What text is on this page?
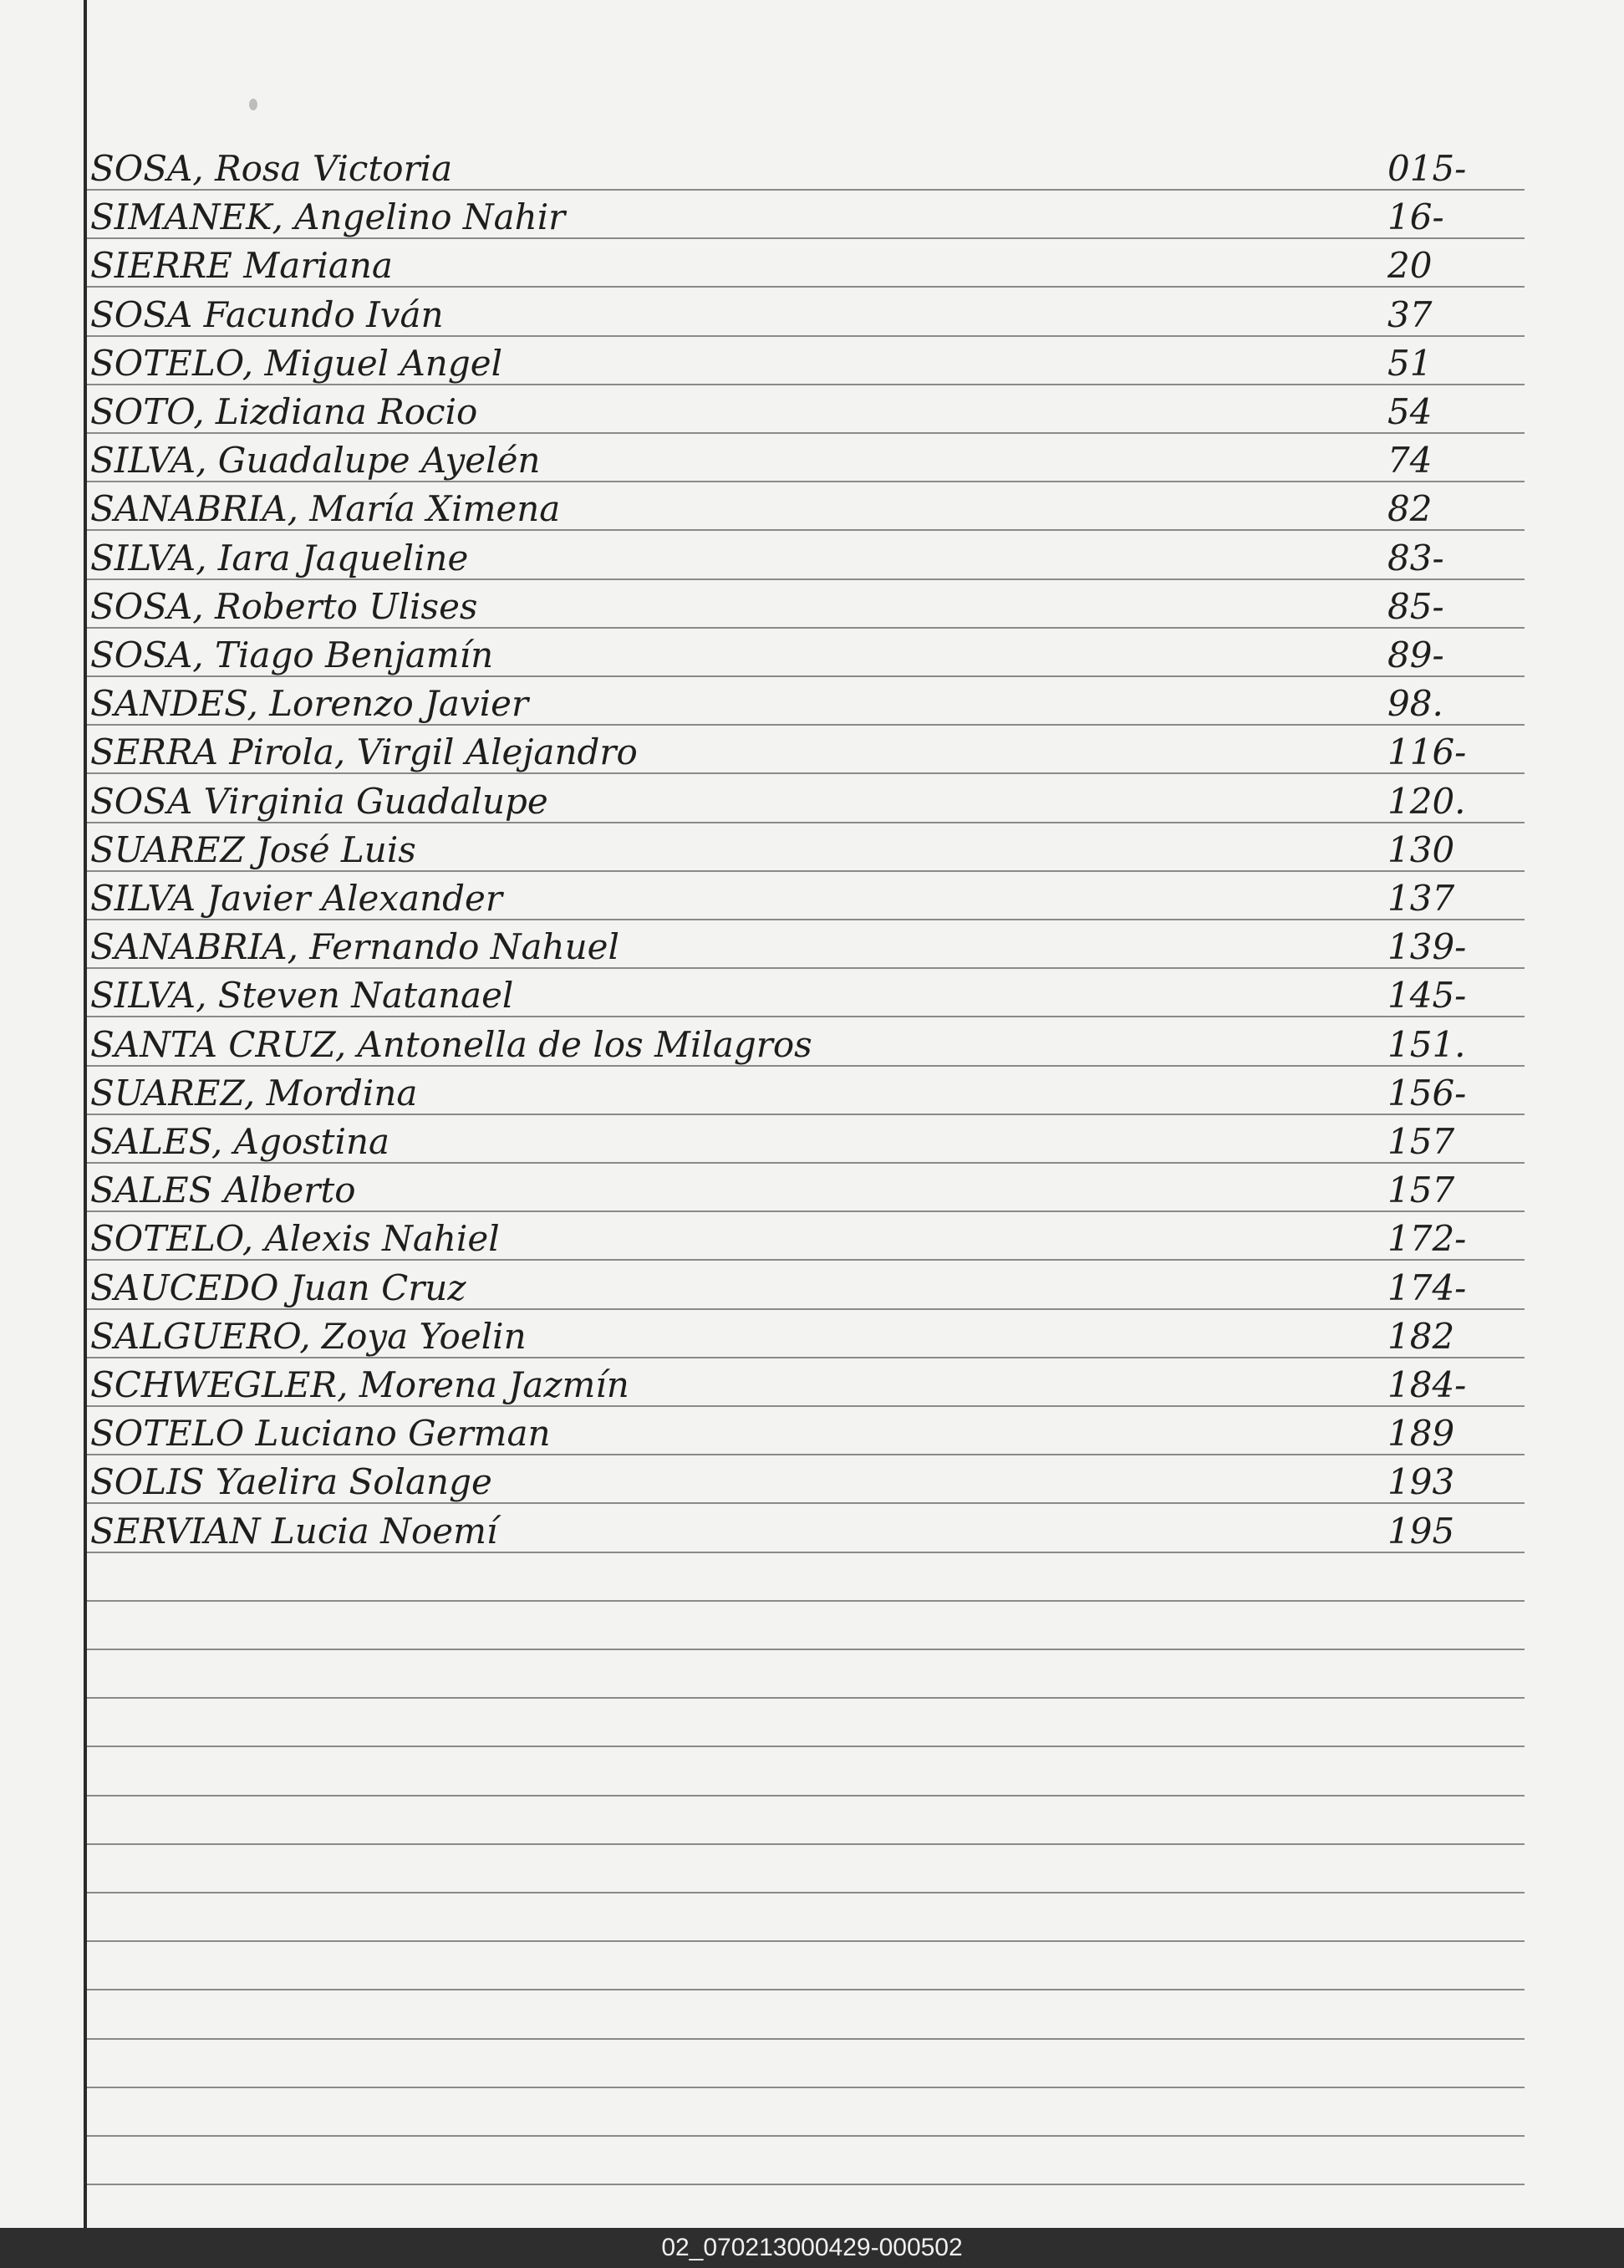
SOSA, Rosa Victoria	015-
SIMANEK, Angelino Nahir	16-
SIERRE Mariana	20
SOSA Facundo Iván	37
SOTELO, Miguel Angel	51
SOTO, Lizdiana Rocio	54
SILVA, Guadalupe Ayelén	74
SANABRIA, María Ximena	82
SILVA, Iara Jaqueline	83-
SOSA, Roberto Ulises	85-
SOSA, Tiago Benjamín	89-
SANDES, Lorenzo Javier	98.
SERRA Pirola, Virgil Alejandro	116-
SOSA Virginia Guadalupe	120.
SUAREZ José Luis	130
SILVA Javier Alexander	137
SANABRIA, Fernando Nahuel	139-
SILVA, Steven Natanael	145-
SANTA CRUZ, Antonella de los Milagros	151.
SUAREZ, Mordina	156-
SALES, Agostina	157
SALES Alberto	157
SOTELO, Alexis Nahiel	172-
SAUCEDO Juan Cruz	174-
SALGUERO, Zoya Yoelin	182
SCHWEGLER, Morena Jazmín	184-
SOTELO Luciano German	189
SOLIS Yaelira Solange	193
SERVIAN Lucia Noemí	195
02_070213000429-000502
